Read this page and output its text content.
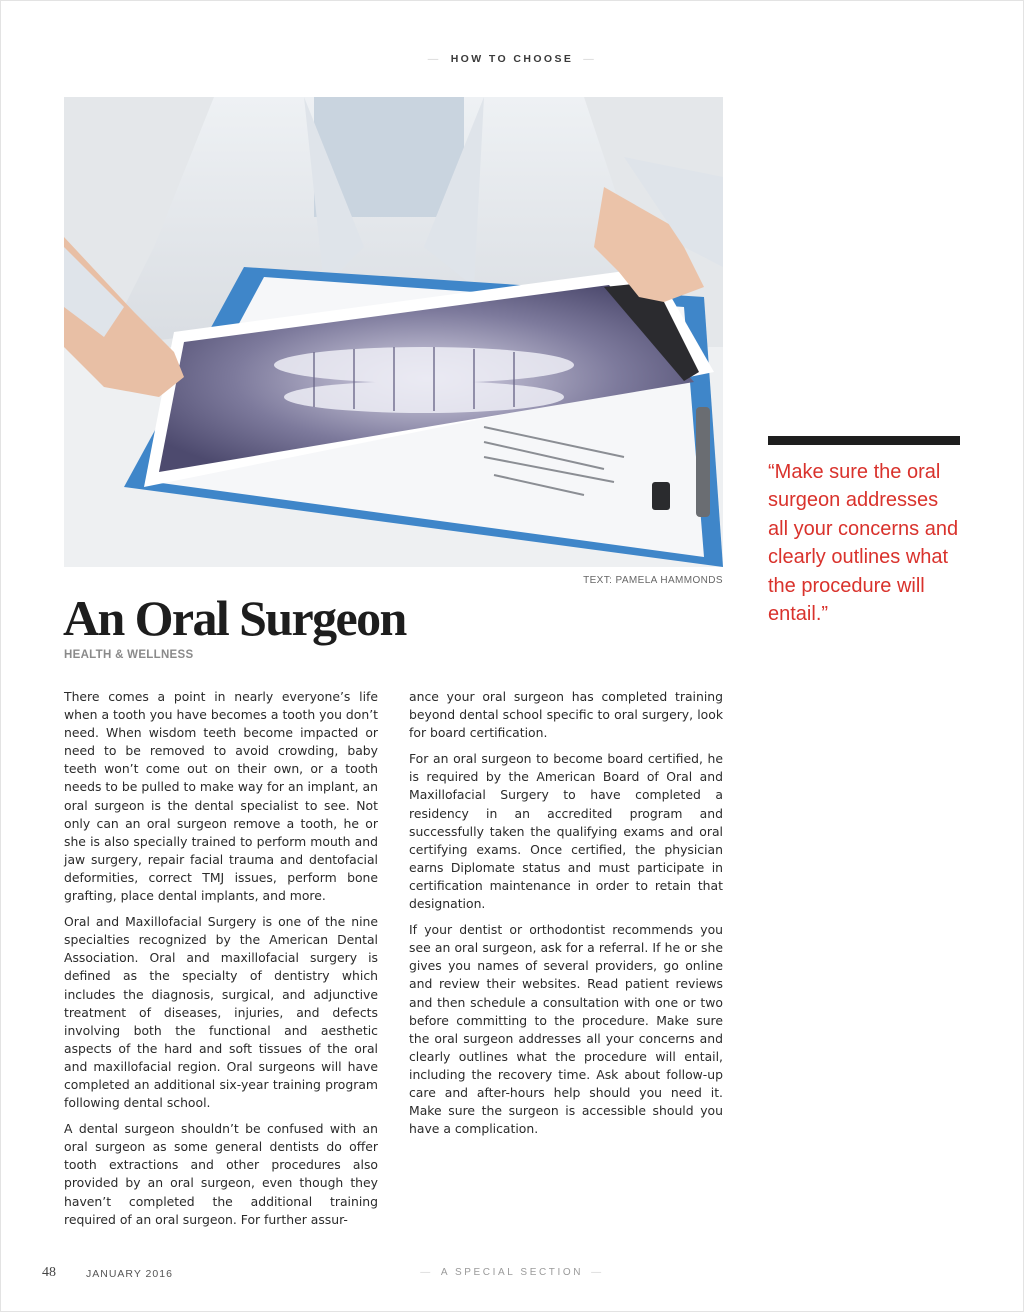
— HOW TO CHOOSE —
TEXT: PAMELA HAMMONDS
An Oral Surgeon
HEALTH & WELLNESS

There comes a point in nearly everyone’s life when a tooth you have becomes a tooth you don’t need. When wisdom teeth become impacted or need to be removed to avoid crowding, baby teeth won’t come out on their own, or a tooth needs to be pulled to make way for an implant, an oral surgeon is the dental specialist to see. Not only can an oral surgeon remove a tooth, he or she is also specially trained to perform mouth and jaw surgery, repair facial trauma and dentofacial deformities, correct TMJ issues, perform bone grafting, place dental implants, and more.

Oral and Maxillofacial Surgery is one of the nine specialties recognized by the American Dental Association. Oral and maxillofacial surgery is defined as the specialty of dentistry which includes the diagnosis, surgical, and adjunctive treatment of diseases, injuries, and defects involving both the functional and aesthetic aspects of the hard and soft tissues of the oral and maxillofacial region. Oral surgeons will have completed an additional six-year training program following dental school.

A dental surgeon shouldn’t be confused with an oral surgeon as some general dentists do offer tooth extractions and other procedures also provided by an oral surgeon, even though they haven’t completed the additional training required of an oral surgeon. For further assur-

ance your oral surgeon has completed training beyond dental school specific to oral surgery, look for board certification.

For an oral surgeon to become board certified, he is required by the American Board of Oral and Maxillofacial Surgery to have completed a residency in an accredited program and successfully taken the qualifying exams and oral certifying exams. Once certified, the physician earns Diplomate status and must participate in certification maintenance in order to retain that designation.

If your dentist or orthodontist recommends you see an oral surgeon, ask for a referral. If he or she gives you names of several providers, go online and review their websites. Read patient reviews and then schedule a consultation with one or two before committing to the procedure. Make sure the oral surgeon addresses all your concerns and clearly outlines what the procedure will entail, including the recovery time. Ask about follow-up care and after-hours help should you need it. Make sure the surgeon is accessible should you have a complication.

“Make sure the oral surgeon addresses all your concerns and clearly outlines what the procedure will entail.”

48	JANUARY 2016	— A SPECIAL SECTION —
